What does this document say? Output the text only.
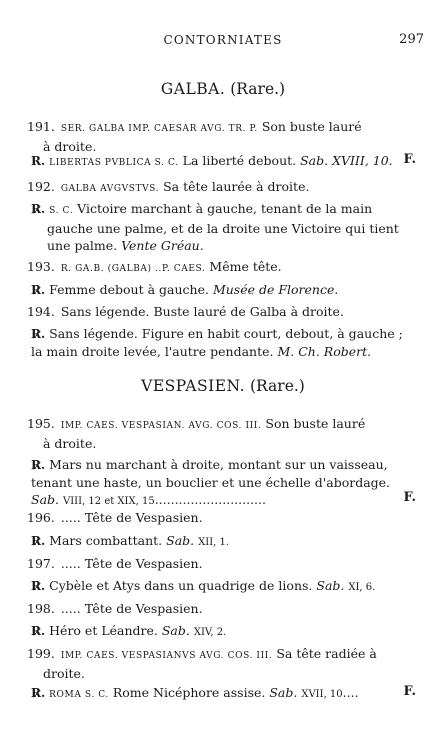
CONTORNIATES	297
GALBA. (Rare.)
191. SER. GALBA IMP. CAESAR AVG. TR. P. Son buste lauré
à droite.
R. LIBERTAS PVBLICA S. C. La liberté debout. Sab. XVIII, 10. F.
192. GALBA AVGVSTVS. Sa tête laurée à droite.
R̷. S. C. Victoire marchant à gauche, tenant de la main
gauche une palme, et de la droite une Victoire qui tient
une palme. Vente Gréau.
193. R. GA.B. (GALBA) ..P. CAES. Même tête.
R̷. Femme debout à gauche. Musée de Florence.
194. Sans légende. Buste lauré de Galba à droite.
R̷. Sans légende. Figure en habit court, debout, à gauche ;
la main droite levée, l'autre pendante. M. Ch. Robert.
VESPASIEN. (Rare.)
195. IMP. CAES. VESPASIAN. AVG. COS. III. Son buste lauré
à droite.
R̷. Mars nu marchant à droite, montant sur un vaisseau,
tenant une haste, un bouclier et une échelle d'abordage.
Sab. VIII, 12 et XIX, 15............................	F.
196. ..... Tête de Vespasien.
R̷. Mars combattant. Sab. XII, 1.
197. ..... Tête de Vespasien.
R̷. Cybèle et Atys dans un quadrige de lions. Sab. XI, 6.
198. ..... Tête de Vespasien.
R̷. Héro et Léandre. Sab. XIV, 2.
199. IMP. CAES. VESPASIANVS AVG. COS. III. Sa tête radiée à
droite.
R̷. ROMA S. C. Rome Nicéphore assise. Sab. XVII, 10....	F.
